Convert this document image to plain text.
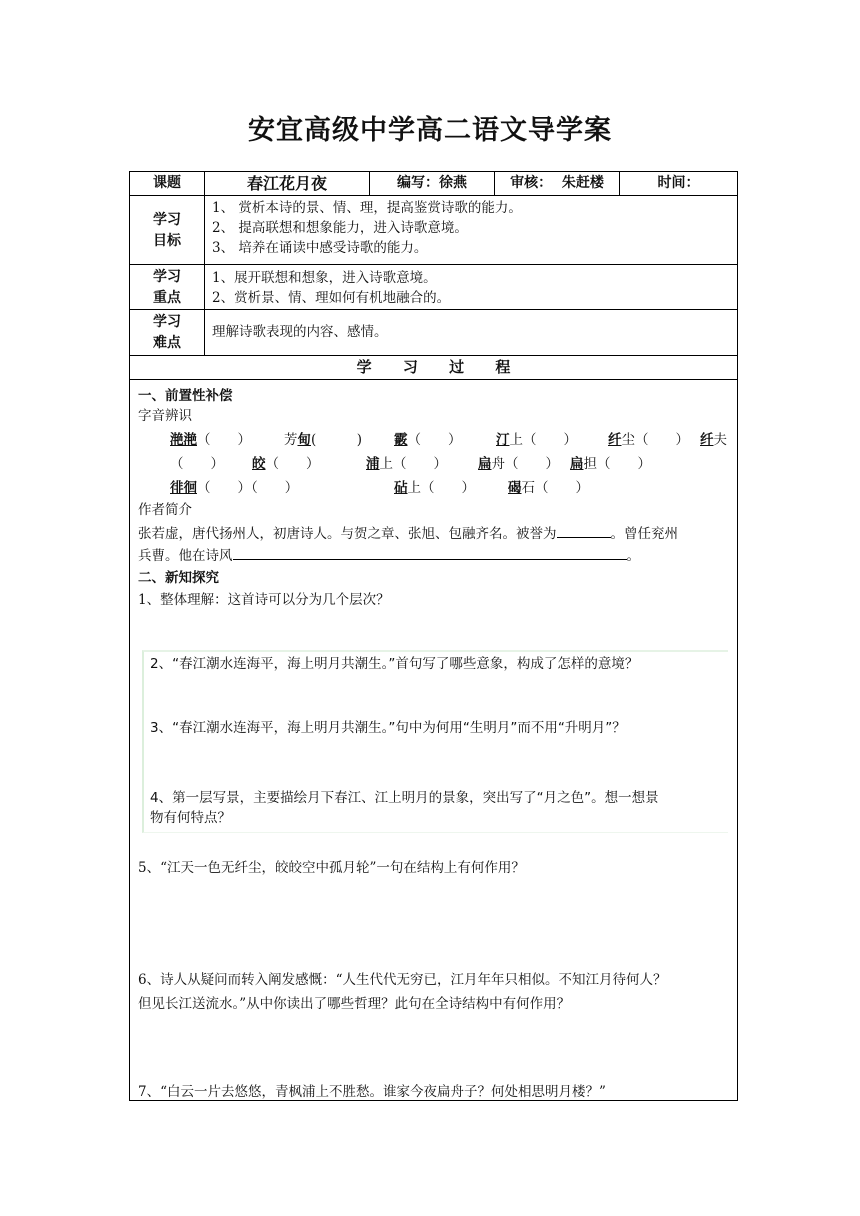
安宜高级中学高二语文导学案
课题	春江花月夜	编写：徐燕	审核： 朱赶楼	时间：
学习
目标
1、 赏析本诗的景、情、理，提高鉴赏诗歌的能力。
2、 提高联想和想象能力，进入诗歌意境。
3、 培养在诵读中感受诗歌的能力。
学习
重点
1、展开联想和想象，进入诗歌意境。
2、赏析景、情、理如何有机地融合的。
学习
难点
理解诗歌表现的内容、感情。
学 习 过 程
一、前置性补偿
字音辨识
滟滟（　　） 芳甸(　　　) 霰（　　）	汀上（　　） 纤尘（　　） 纤夫
（　　） 皎（　　）	浦上（　　） 扁舟（　　） 扁担（　　）
徘徊（　　）（　　）	砧上（　　） 碣石（　　）
作者简介
张若虚，唐代扬州人，初唐诗人。与贺之章、张旭、包融齐名。被誉为	。曾任兖州
兵曹。他在诗风	。
二、新知探究
1、整体理解：这首诗可以分为几个层次？
2、“春江潮水连海平，海上明月共潮生。”首句写了哪些意象，构成了怎样的意境？
3、“春江潮水连海平，海上明月共潮生。”句中为何用“生明月”而不用“升明月”？
4、第一层写景，主要描绘月下春江、江上明月的景象，突出写了“月之色”。想一想景
物有何特点？
5、“江天一色无纤尘，皎皎空中孤月轮”一句在结构上有何作用？
6、诗人从疑问而转入阐发感慨：“人生代代无穷已，江月年年只相似。不知江月待何人？
但见长江送流水。”从中你读出了哪些哲理？此句在全诗结构中有何作用？
7、“白云一片去悠悠，青枫浦上不胜愁。谁家今夜扁舟子？何处相思明月楼？”
